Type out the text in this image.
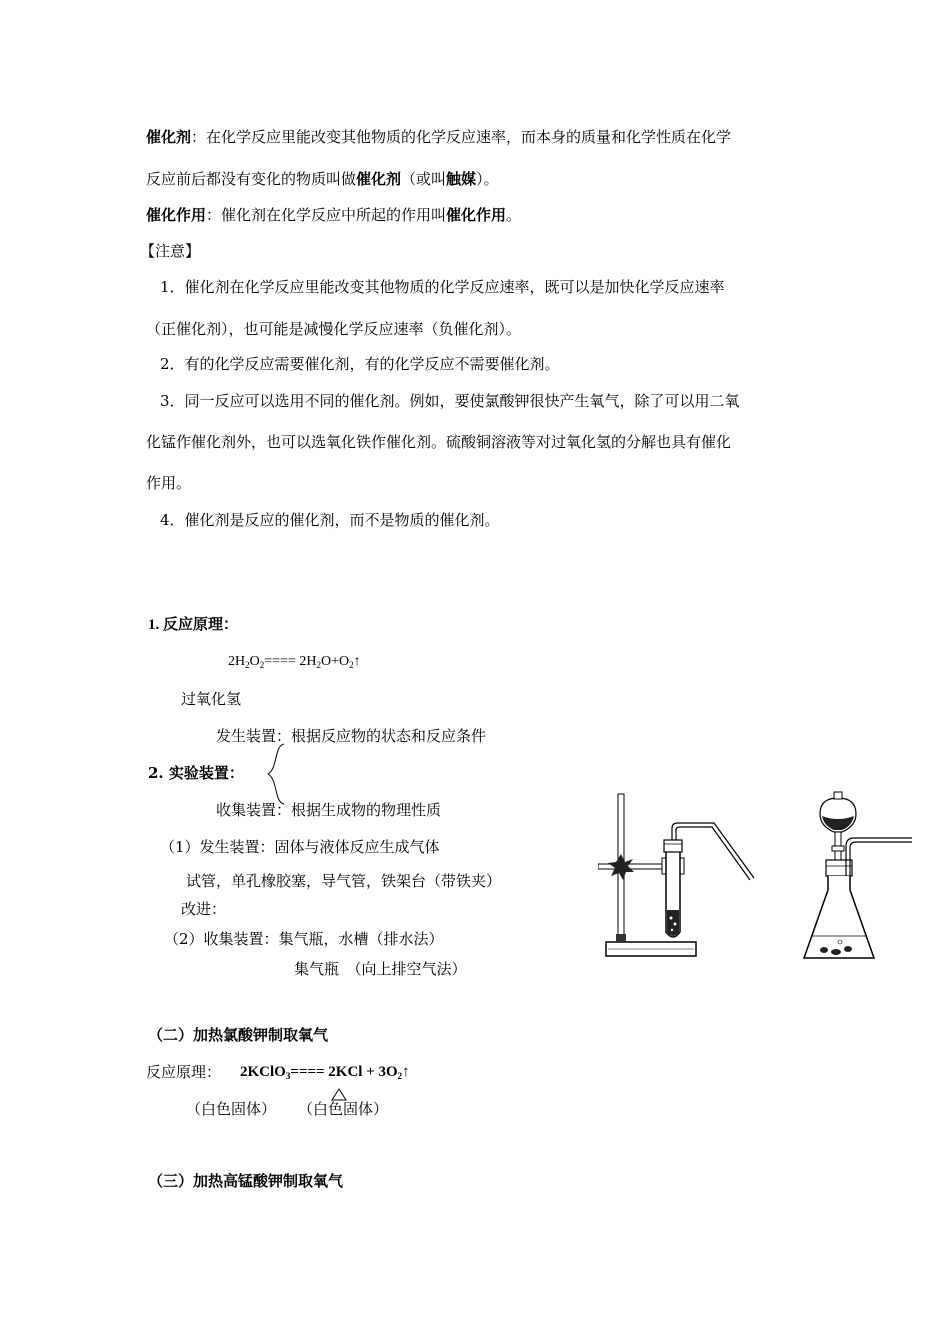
催化剂：在化学反应里能改变其他物质的化学反应速率，而本身的质量和化学性质在化学
反应前后都没有变化的物质叫做催化剂（或叫触媒）。
催化作用：催化剂在化学反应中所起的作用叫催化作用。
【注意】
1．催化剂在化学反应里能改变其他物质的化学反应速率，既可以是加快化学反应速率
（正催化剂），也可能是减慢化学反应速率（负催化剂）。
2．有的化学反应需要催化剂，有的化学反应不需要催化剂。
3．同一反应可以选用不同的催化剂。例如，要使氯酸钾很快产生氧气，除了可以用二氧
化锰作催化剂外，也可以选氧化铁作催化剂。硫酸铜溶液等对过氧化氢的分解也具有催化
作用。
4．催化剂是反应的催化剂，而不是物质的催化剂。
1. 反应原理：
$2H_2O_2====$ $2H_2O+O_2↑$
过氧化氢
发生装置：根据反应物的状态和反应条件
2. 实验装置：
收集装置：根据生成物的物理性质
（1）发生装置：固体与液体反应生成气体
试管，单孔橡胶塞，导气管，铁架台（带铁夹）
改进：
（2）收集装置：集气瓶，水槽（排水法）
集气瓶　（向上排空气法）
（二）加热氯酸钾制取氧气
反应原理： 2KClO$_3$==== $2KCl + 3O_2↑$
（白色固体） （白色固体）
（三）加热高锰酸钾制取氧气
